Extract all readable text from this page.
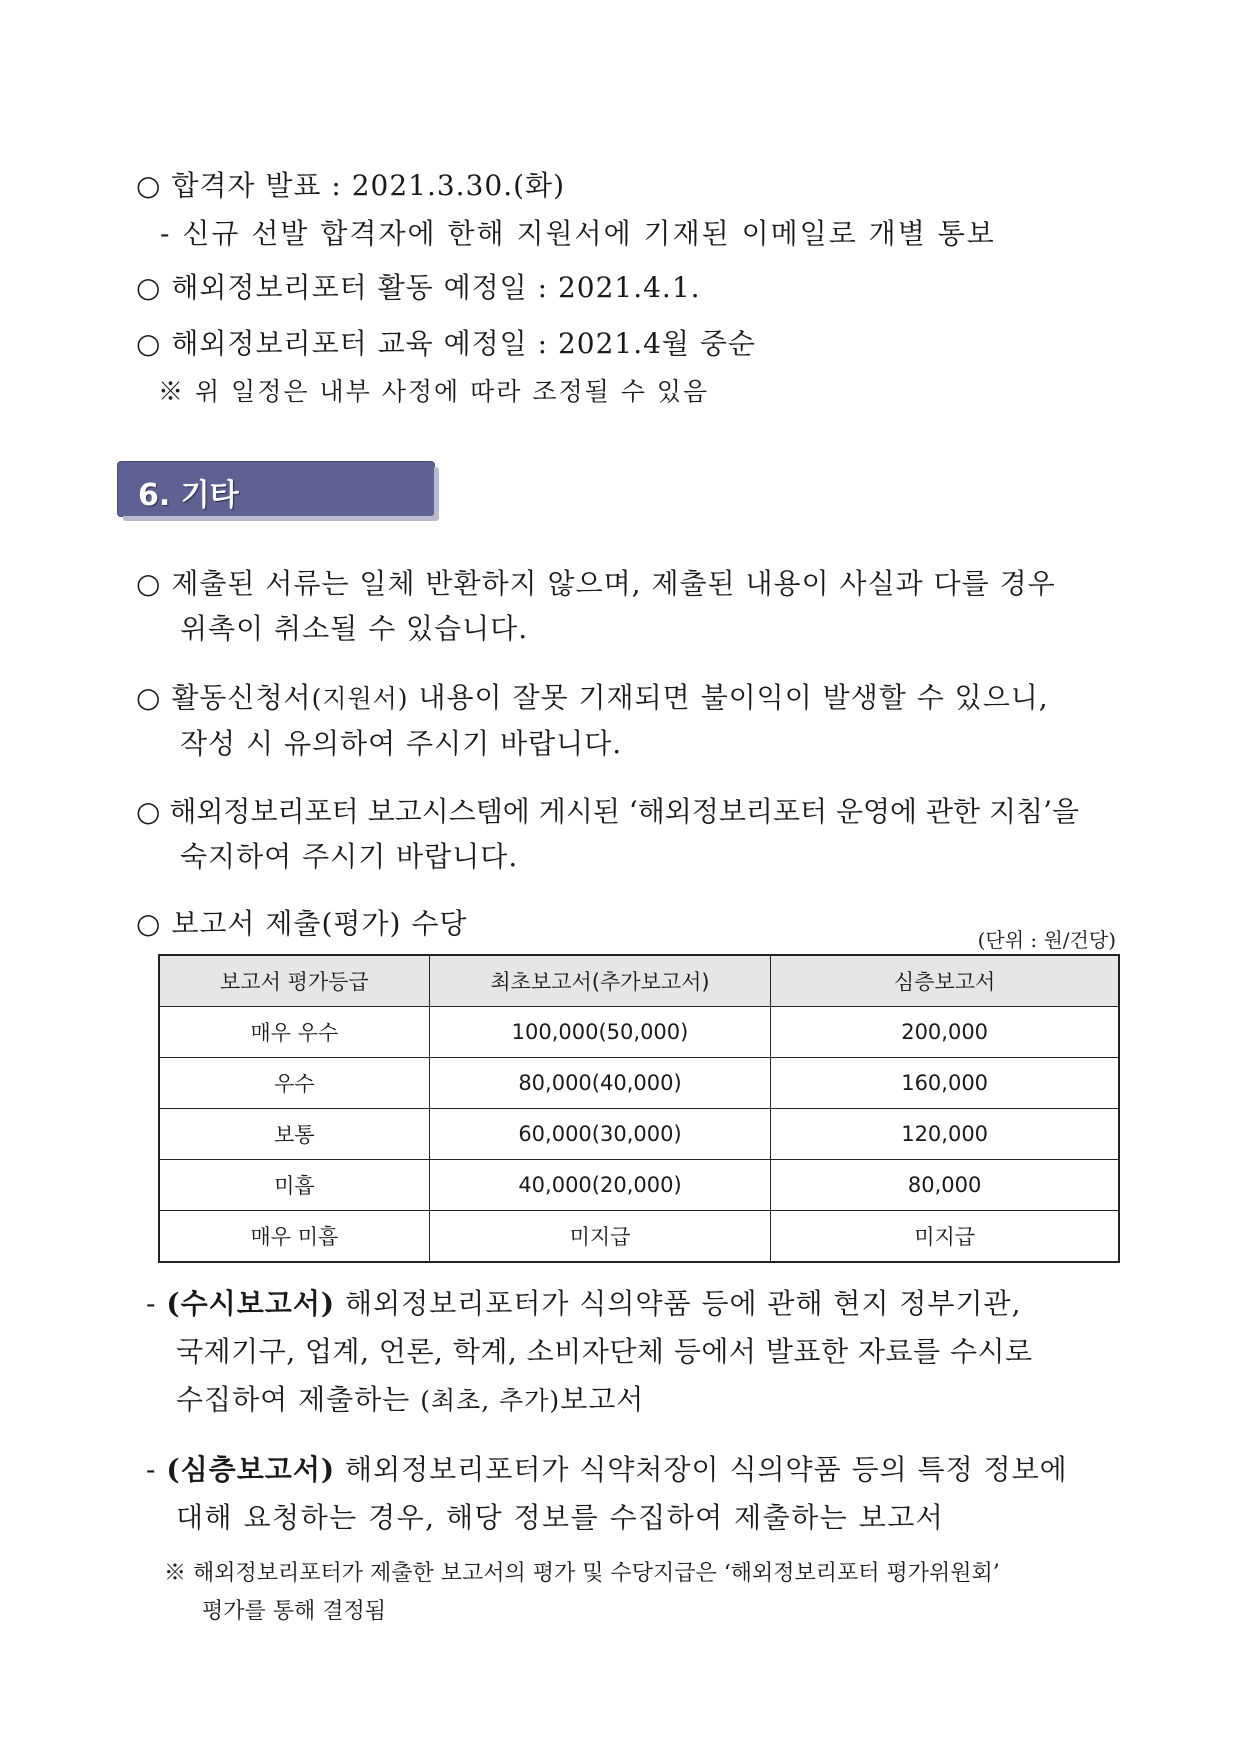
○ 합격자 발표 : 2021.3.30.(화)
- 신규 선발 합격자에 한해 지원서에 기재된 이메일로 개별 통보
○ 해외정보리포터 활동 예정일 : 2021.4.1.
○ 해외정보리포터 교육 예정일 : 2021.4월 중순
※ 위 일정은 내부 사정에 따라 조정될 수 있음
6. 기타
○ 제출된 서류는 일체 반환하지 않으며, 제출된 내용이 사실과 다를 경우
위촉이 취소될 수 있습니다.
○ 활동신청서(지원서) 내용이 잘못 기재되면 불이익이 발생할 수 있으니,
작성 시 유의하여 주시기 바랍니다.
○ 해외정보리포터 보고시스템에 게시된 ‘해외정보리포터 운영에 관한 지침’을
숙지하여 주시기 바랍니다.
○ 보고서 제출(평가) 수당	(단위 : 원/건당)
보고서 평가등급	최초보고서(추가보고서)	심층보고서
매우 우수	100,000(50,000)	200,000
우수	80,000(40,000)	160,000
보통	60,000(30,000)	120,000
미흡	40,000(20,000)	80,000
매우 미흡	미지급	미지급
- (수시보고서) 해외정보리포터가 식의약품 등에 관해 현지 정부기관,
국제기구, 업계, 언론, 학계, 소비자단체 등에서 발표한 자료를 수시로
수집하여 제출하는 (최초, 추가)보고서
- (심층보고서) 해외정보리포터가 식약처장이 식의약품 등의 특정 정보에
대해 요청하는 경우, 해당 정보를 수집하여 제출하는 보고서
※ 해외정보리포터가 제출한 보고서의 평가 및 수당지급은 ‘해외정보리포터 평가위원회’
평가를 통해 결정됨
